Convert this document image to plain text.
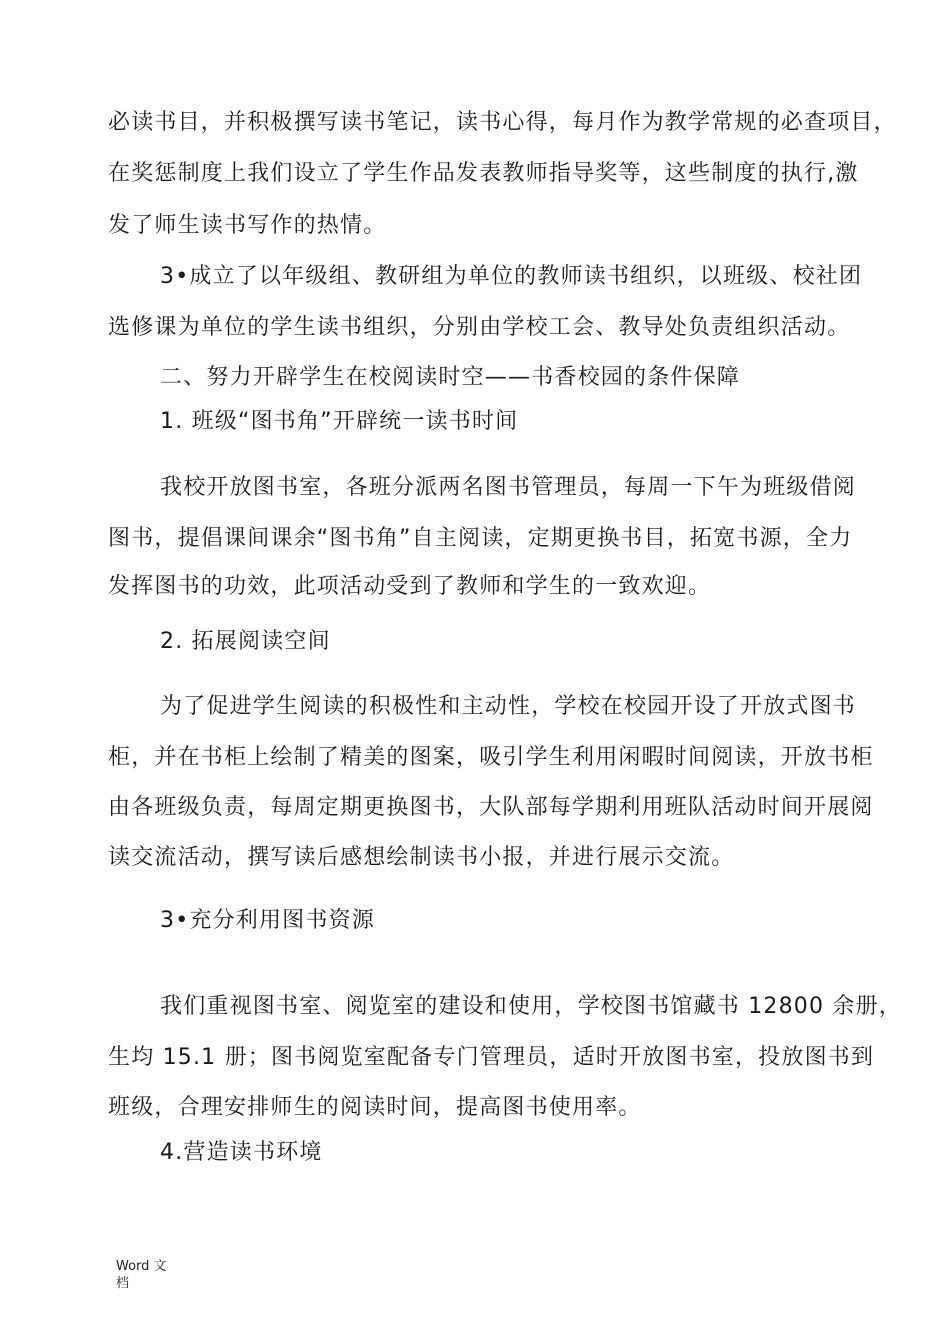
必读书目，并积极撰写读书笔记，读书心得，每月作为教学常规的必查项目，
在奖惩制度上我们设立了学生作品发表教师指导奖等，这些制度的执行,激
发了师生读书写作的热情。
3•成立了以年级组、教研组为单位的教师读书组织，以班级、校社团
选修课为单位的学生读书组织，分别由学校工会、教导处负责组织活动。
二、努力开辟学生在校阅读时空——书香校园的条件保障
1. 班级“图书角”开辟统一读书时间
我校开放图书室，各班分派两名图书管理员，每周一下午为班级借阅
图书，提倡课间课余“图书角”自主阅读，定期更换书目，拓宽书源，全力
发挥图书的功效，此项活动受到了教师和学生的一致欢迎。
2. 拓展阅读空间
为了促进学生阅读的积极性和主动性，学校在校园开设了开放式图书
柜，并在书柜上绘制了精美的图案，吸引学生利用闲暇时间阅读，开放书柜
由各班级负责，每周定期更换图书，大队部每学期利用班队活动时间开展阅
读交流活动，撰写读后感想绘制读书小报，并进行展示交流。
3•充分利用图书资源
我们重视图书室、阅览室的建设和使用，学校图书馆藏书 12800 余册，
生均 15.1 册；图书阅览室配备专门管理员，适时开放图书室，投放图书到
班级，合理安排师生的阅读时间，提高图书使用率。
4.营造读书环境
Word 文
档
